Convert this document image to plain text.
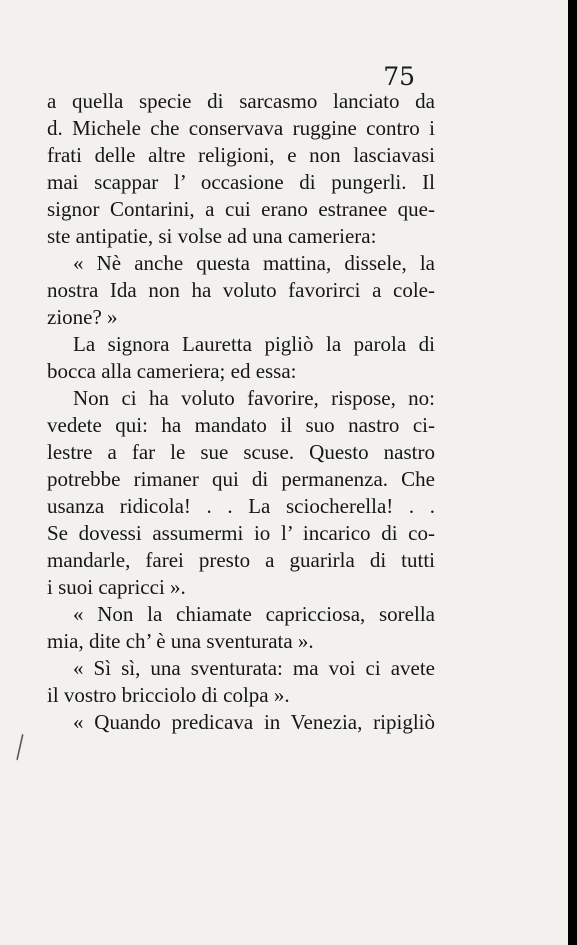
75
a quella specie di sarcasmo lanciato da
d. Michele che conservava ruggine contro i
frati delle altre religioni, e non lasciavasi
mai scappar l’ occasione di pungerli. Il
signor Contarini, a cui erano estranee que-
ste antipatie, si volse ad una cameriera:
« Nè anche questa mattina, dissele, la
nostra Ida non ha voluto favorirci a cole-
zione? »
La signora Lauretta pigliò la parola di
bocca alla cameriera; ed essa:
Non ci ha voluto favorire, rispose, no:
vedete qui: ha mandato il suo nastro ci-
lestre a far le sue scuse. Questo nastro
potrebbe rimaner qui di permanenza. Che
usanza ridicola! . . La sciocherella! . .
Se dovessi assumermi io l’ incarico di co-
mandarle, farei presto a guarirla di tutti
i suoi capricci ».
« Non la chiamate capricciosa, sorella
mia, dite ch’ è una sventurata ».
« Sì sì, una sventurata: ma voi ci avete
il vostro bricciolo di colpa ».
« Quando predicava in Venezia, ripigliò
╲
